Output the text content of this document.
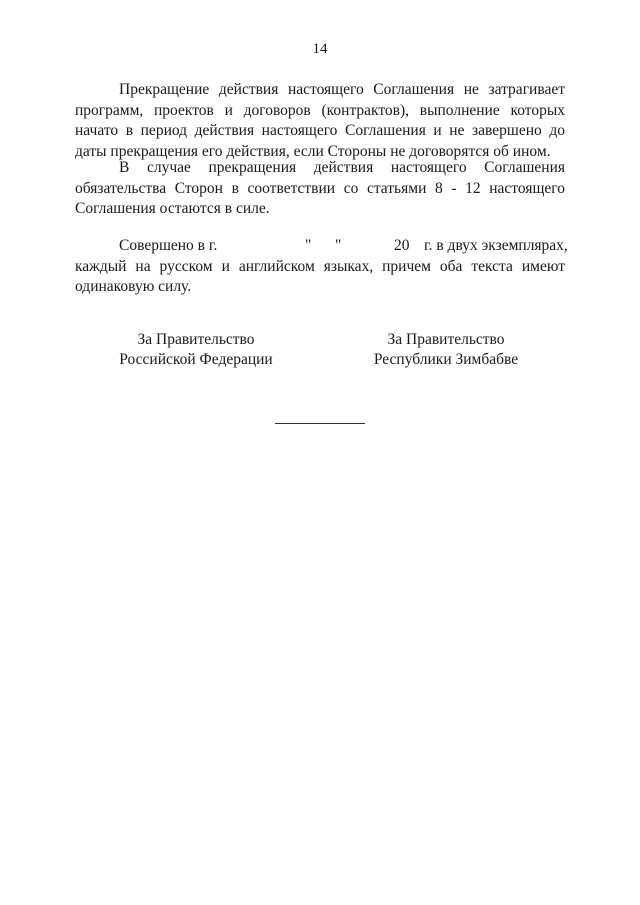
14

Прекращение действия настоящего Соглашения не затрагивает программ, проектов и договоров (контрактов), выполнение которых начато в период действия настоящего Соглашения и не завершено до даты прекращения его действия, если Стороны не договорятся об ином.

В случае прекращения действия настоящего Соглашения обязательства Сторон в соответствии со статьями 8 - 12 настоящего Соглашения остаются в силе.

Совершено в г.	" "	20 г. в двух экземплярах,

каждый на русском и английском языках, причем оба текста имеют одинаковую силу.

За Правительство
Российской Федерации
За Правительство
Республики Зимбабве
